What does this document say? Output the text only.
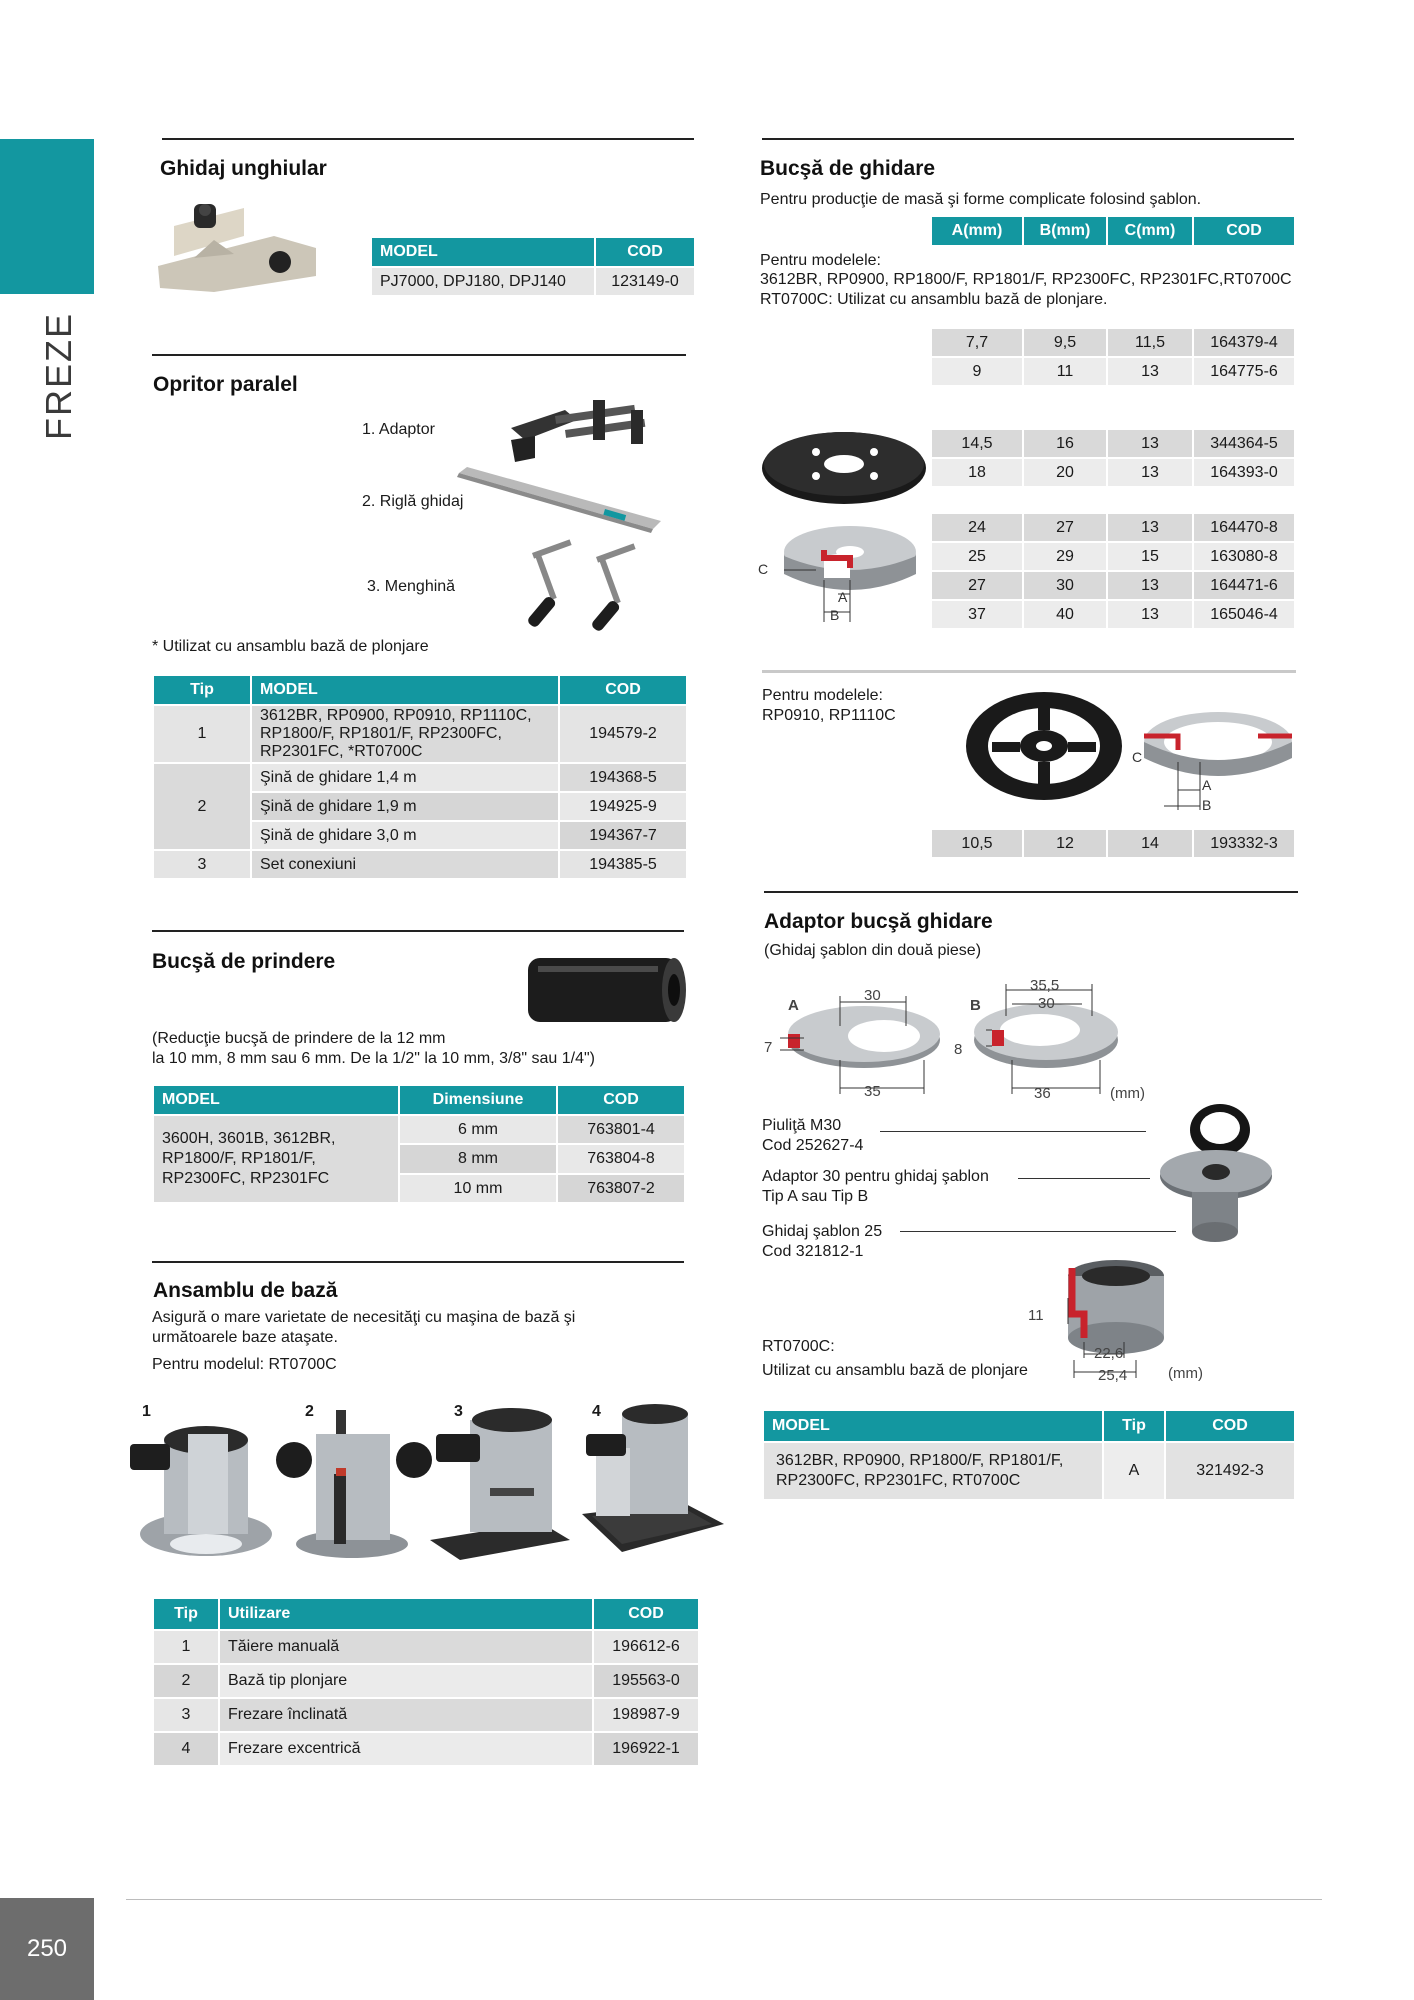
FREZE
250
Ghidaj unghiular
MODEL	COD
PJ7000, DPJ180, DPJ140	123149-0
Opritor paralel
1. Adaptor
2. Riglă ghidaj
3. Menghină
* Utilizat cu ansamblu bază de plonjare
Tip	MODEL	COD
1	3612BR, RP0900, RP0910, RP1110C, RP1800/F, RP1801/F, RP2300FC, RP2301FC, *RT0700C	194579-2
2	Şină de ghidare 1,4 m	194368-5
	Şină de ghidare 1,9 m	194925-9
	Şină de ghidare 3,0 m	194367-7
3	Set conexiuni	194385-5
Bucşă de prindere
(Reducţie bucşă de prindere de la 12 mm
la 10 mm, 8 mm sau 6 mm. De la 1/2" la 10 mm, 3/8" sau 1/4")
MODEL	Dimensiune	COD
3600H, 3601B, 3612BR, RP1800/F, RP1801/F, RP2300FC, RP2301FC	6 mm	763801-4
	8 mm	763804-8
	10 mm	763807-2
Ansamblu de bază
Asigură o mare varietate de necesităţi cu maşina de bază şi următoarele baze ataşate.
Pentru modelul: RT0700C
1	2	3	4
Tip	Utilizare	COD
1	Tăiere manuală	196612-6
2	Bază tip plonjare	195563-0
3	Frezare înclinată	198987-9
4	Frezare excentrică	196922-1
Bucşă de ghidare
Pentru producţie de masă şi forme complicate folosind şablon.
A(mm)	B(mm)	C(mm)	COD
Pentru modelele:
3612BR, RP0900, RP1800/F, RP1801/F, RP2300FC, RP2301FC,RT0700C
RT0700C: Utilizat cu ansamblu bază de plonjare.
7,7	9,5	11,5	164379-4
9	11	13	164775-6
14,5	16	13	344364-5
18	20	13	164393-0
24	27	13	164470-8
25	29	15	163080-8
27	30	13	164471-6
37	40	13	165046-4
A
B
C
Pentru modelele:
RP0910, RP1110C
A
B
C
10,5	12	14	193332-3
Adaptor bucşă ghidare
(Ghidaj şablon din două piese)
A
30
7
35
B
35,5
30
8
36	(mm)
Piuliţă M30
Cod 252627-4
Adaptor 30 pentru ghidaj şablon
Tip A sau Tip B
Ghidaj şablon 25
Cod 321812-1
11
22,6
25,4	(mm)
RT0700C:
Utilizat cu ansamblu bază de plonjare
MODEL	Tip	COD
3612BR, RP0900, RP1800/F, RP1801/F, RP2300FC, RP2301FC, RT0700C	A	321492-3
